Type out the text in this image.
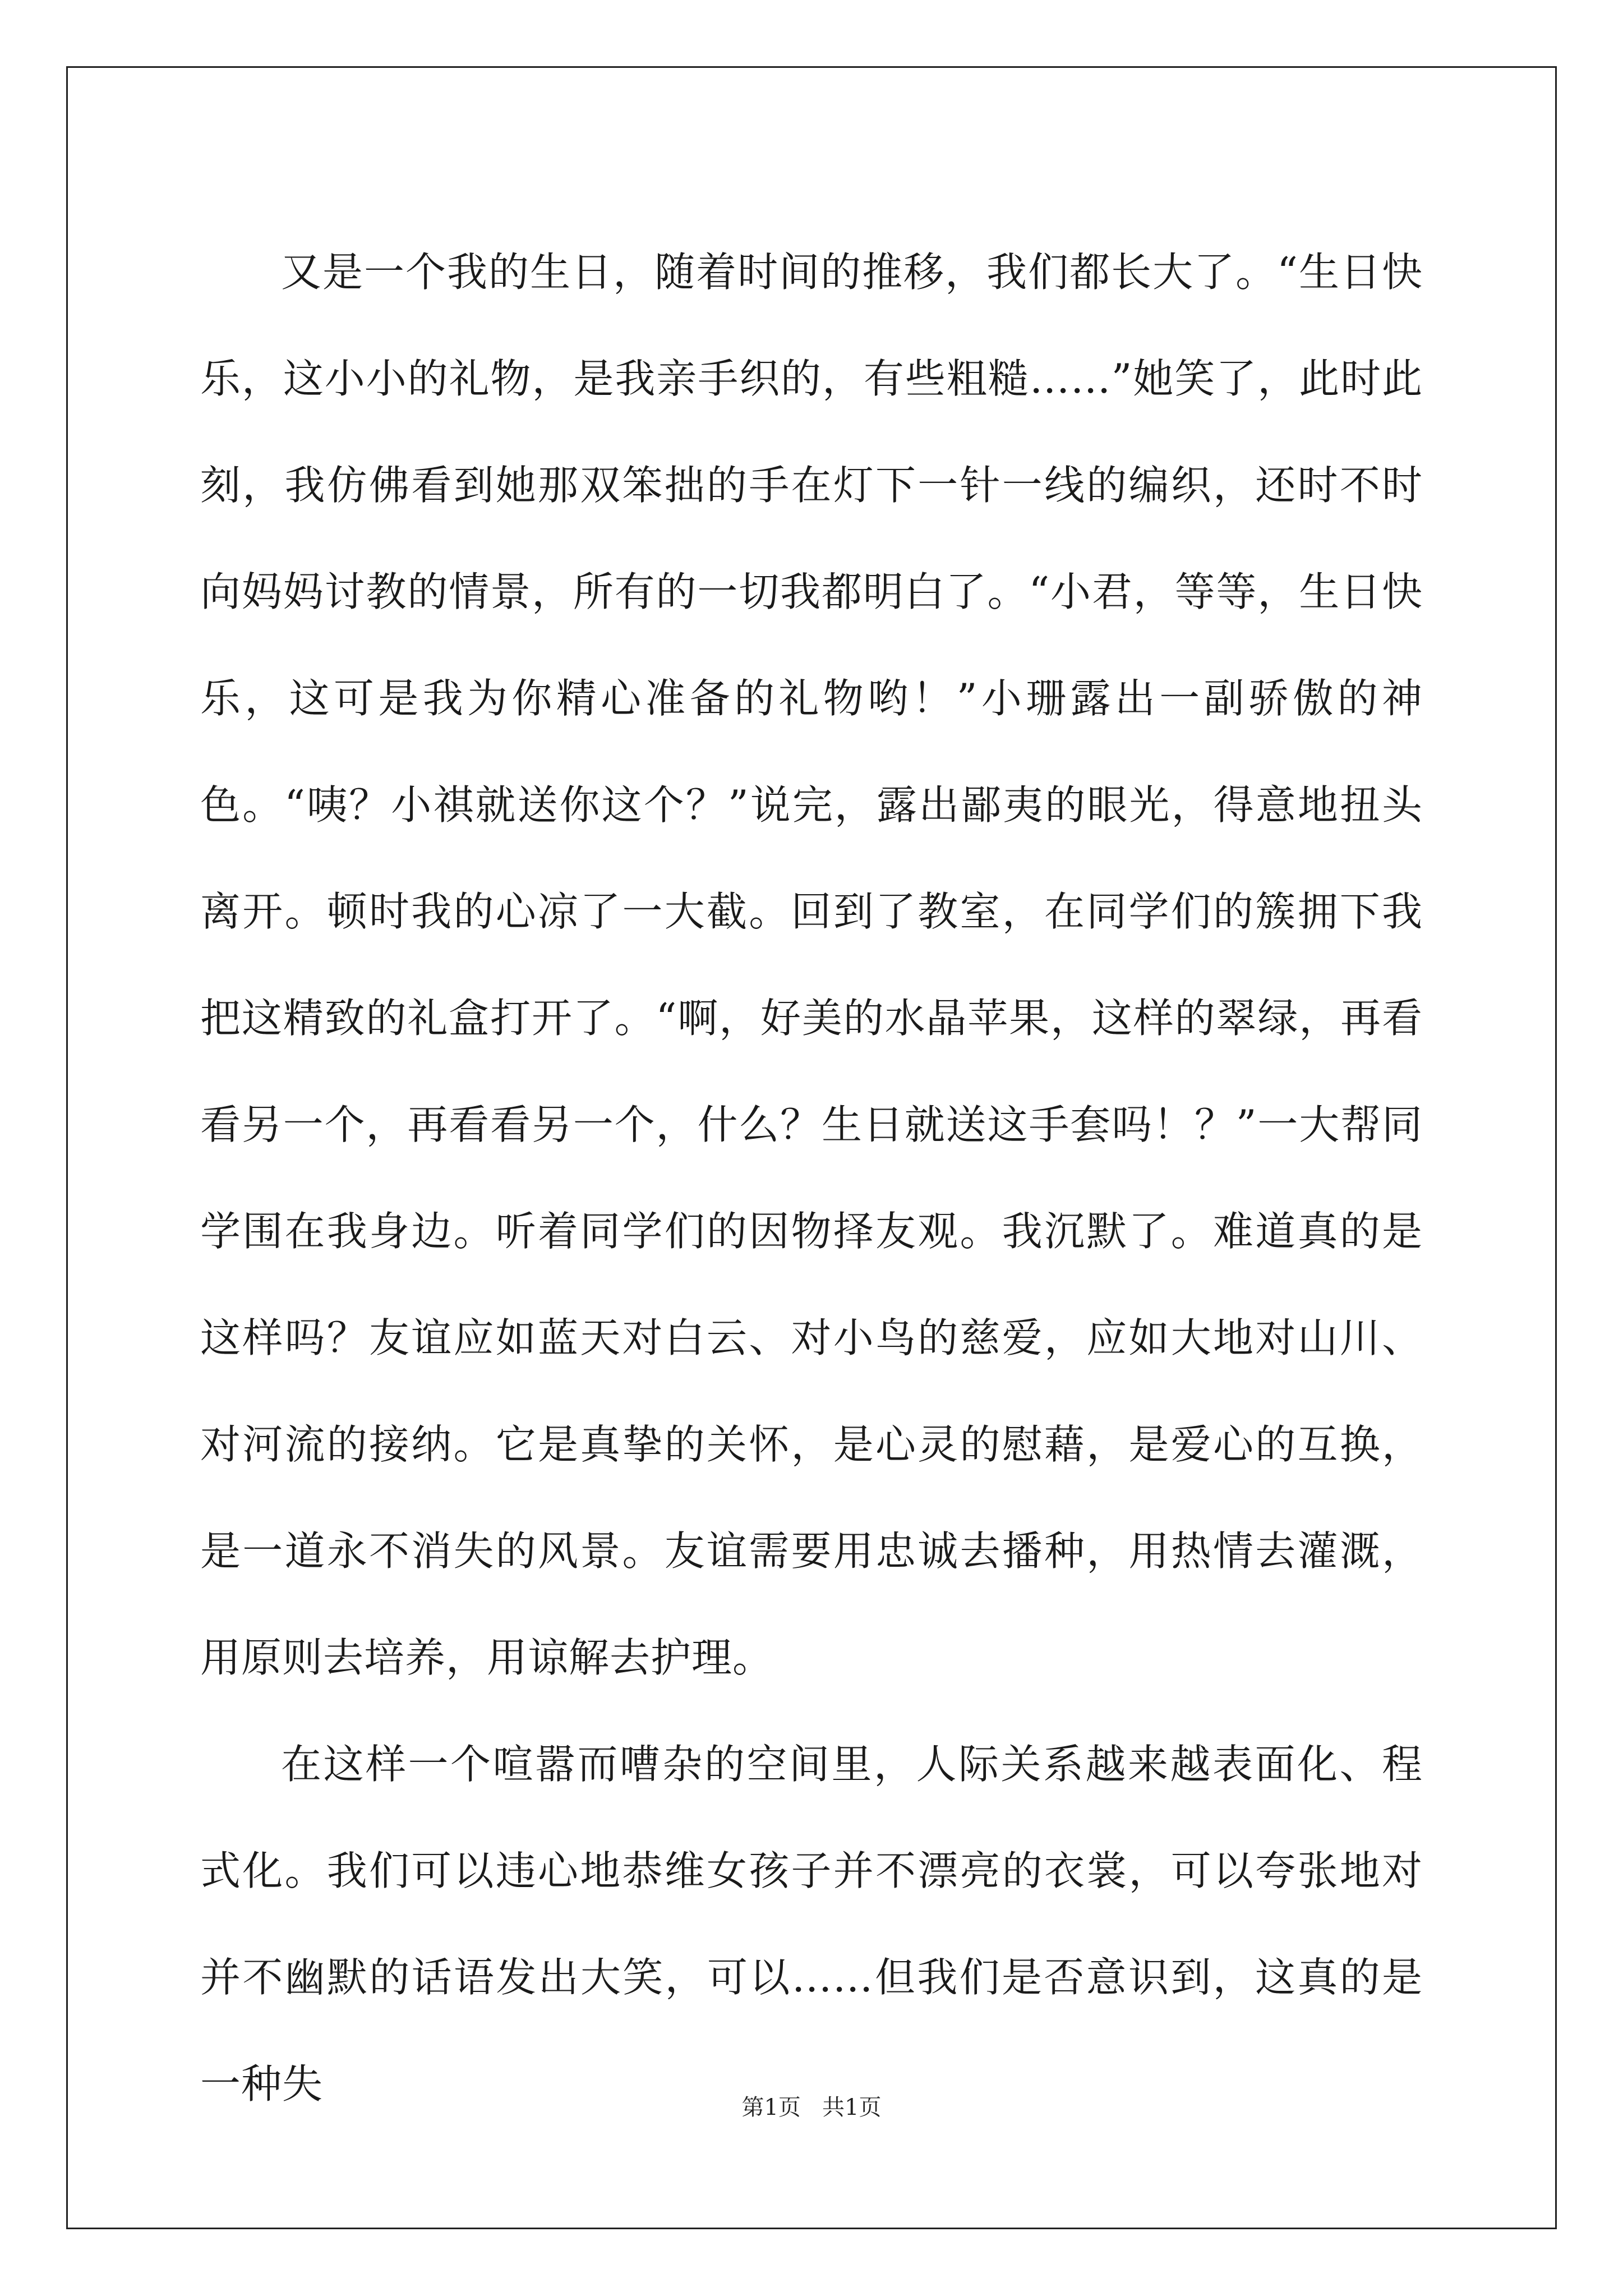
又是一个我的生日，随着时间的推移，我们都长大了。“生日快乐，这小小的礼物，是我亲手织的，有些粗糙……”她笑了，此时此刻，我仿佛看到她那双笨拙的手在灯下一针一线的编织，还时不时向妈妈讨教的情景，所有的一切我都明白了。“小君，等等，生日快乐，这可是我为你精心准备的礼物哟！”小珊露出一副骄傲的神色。“咦？小祺就送你这个？”说完，露出鄙夷的眼光，得意地扭头离开。顿时我的心凉了一大截。回到了教室，在同学们的簇拥下我把这精致的礼盒打开了。“啊，好美的水晶苹果，这样的翠绿，再看看另一个，再看看另一个，什么？生日就送这手套吗！？”一大帮同学围在我身边。听着同学们的因物择友观。我沉默了。难道真的是这样吗？友谊应如蓝天对白云、对小鸟的慈爱，应如大地对山川、对河流的接纳。它是真挚的关怀，是心灵的慰藉，是爱心的互换，是一道永不消失的风景。友谊需要用忠诚去播种，用热情去灌溉，用原则去培养，用谅解去护理。

在这样一个喧嚣而嘈杂的空间里，人际关系越来越表面化、程式化。我们可以违心地恭维女孩子并不漂亮的衣裳，可以夸张地对并不幽默的话语发出大笑，可以……但我们是否意识到，这真的是一种失	第1页   共1页
